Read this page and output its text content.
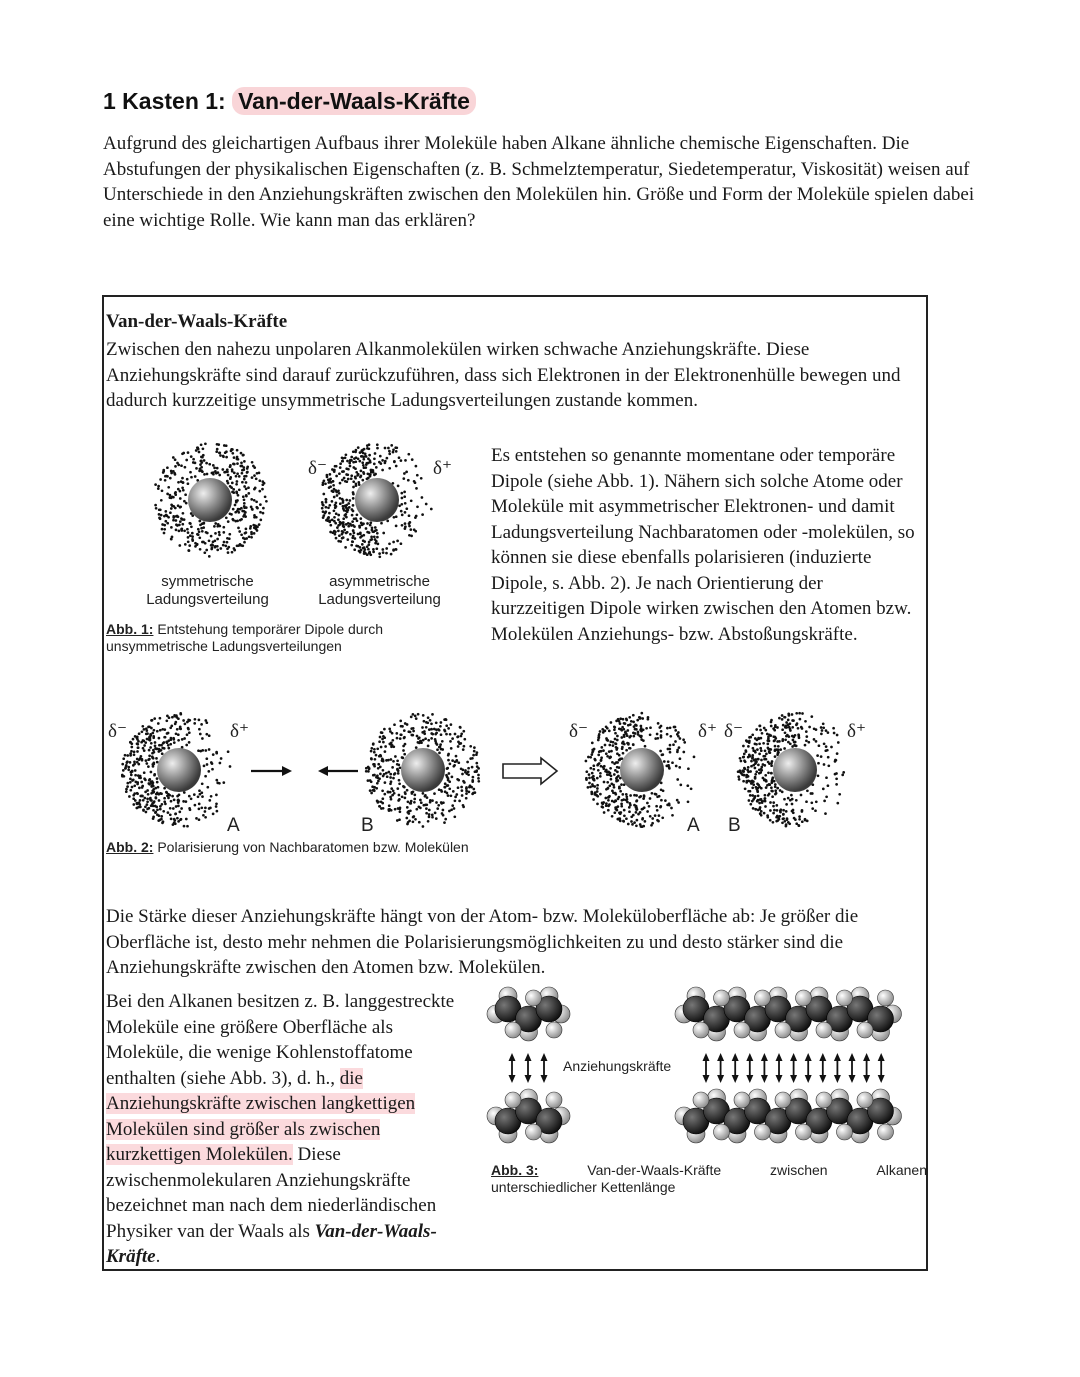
1 Kasten 1: Van-der-Waals-Kräfte
Aufgrund des gleichartigen Aufbaus ihrer Moleküle haben Alkane ähnliche chemische Eigenschaften. Die Abstufungen der physikalischen Eigenschaften (z. B. Schmelztemperatur, Siedetemperatur, Viskosität) weisen auf Unterschiede in den Anziehungskräften zwischen den Molekülen hin. Größe und Form der Moleküle spielen dabei eine wichtige Rolle. Wie kann man das erklären?
Van-der-Waals-Kräfte
Zwischen den nahezu unpolaren Alkanmolekülen wirken schwache Anziehungskräfte. Diese Anziehungskräfte sind darauf zurückzuführen, dass sich Elektronen in der Elektronenhülle bewegen und dadurch kurzzeitige unsymmetrische Ladungsverteilungen zustande kommen.
Es entstehen so genannte momentane oder temporäre Dipole (siehe Abb. 1). Nähern sich solche Atome oder Moleküle mit asymmetrischer Elektronen- und damit Ladungsverteilung Nachbaratomen oder -molekülen, so können sie diese ebenfalls polarisieren (induzierte Dipole, s. Abb. 2). Je nach Orientierung der kurzzeitigen Dipole wirken zwischen den Atomen bzw. Molekülen Anziehungs- bzw. Abstoßungskräfte.
δ⁻	δ⁺
symmetrische
Ladungsverteilung
asymmetrische
Ladungsverteilung
Abb. 1: Entstehung temporärer Dipole durch unsymmetrische Ladungsverteilungen
δ⁻	δ⁺	δ⁻	δ⁺ δ⁻	δ⁺
A	B	A B
Abb. 2: Polarisierung von Nachbaratomen bzw. Molekülen
Die Stärke dieser Anziehungskräfte hängt von der Atom- bzw. Moleküloberfläche ab: Je größer die Oberfläche ist, desto mehr nehmen die Polarisierungsmöglichkeiten zu und desto stärker sind die Anziehungskräfte zwischen den Atomen bzw. Molekülen.
Bei den Alkanen besitzen z. B. langgestreckte Moleküle eine größere Oberfläche als Moleküle, die wenige Kohlenstoffatome enthalten (siehe Abb. 3), d. h., die Anziehungskräfte zwischen langkettigen Molekülen sind größer als zwischen kurzkettigen Molekülen. Diese zwischenmolekularen Anziehungskräfte bezeichnet man nach dem niederländischen Physiker van der Waals als Van-der-Waals-Kräfte.
Anziehungskräfte
Abb. 3:	Van-der-Waals-Kräfte	zwischen	Alkanen
unterschiedlicher Kettenlänge
